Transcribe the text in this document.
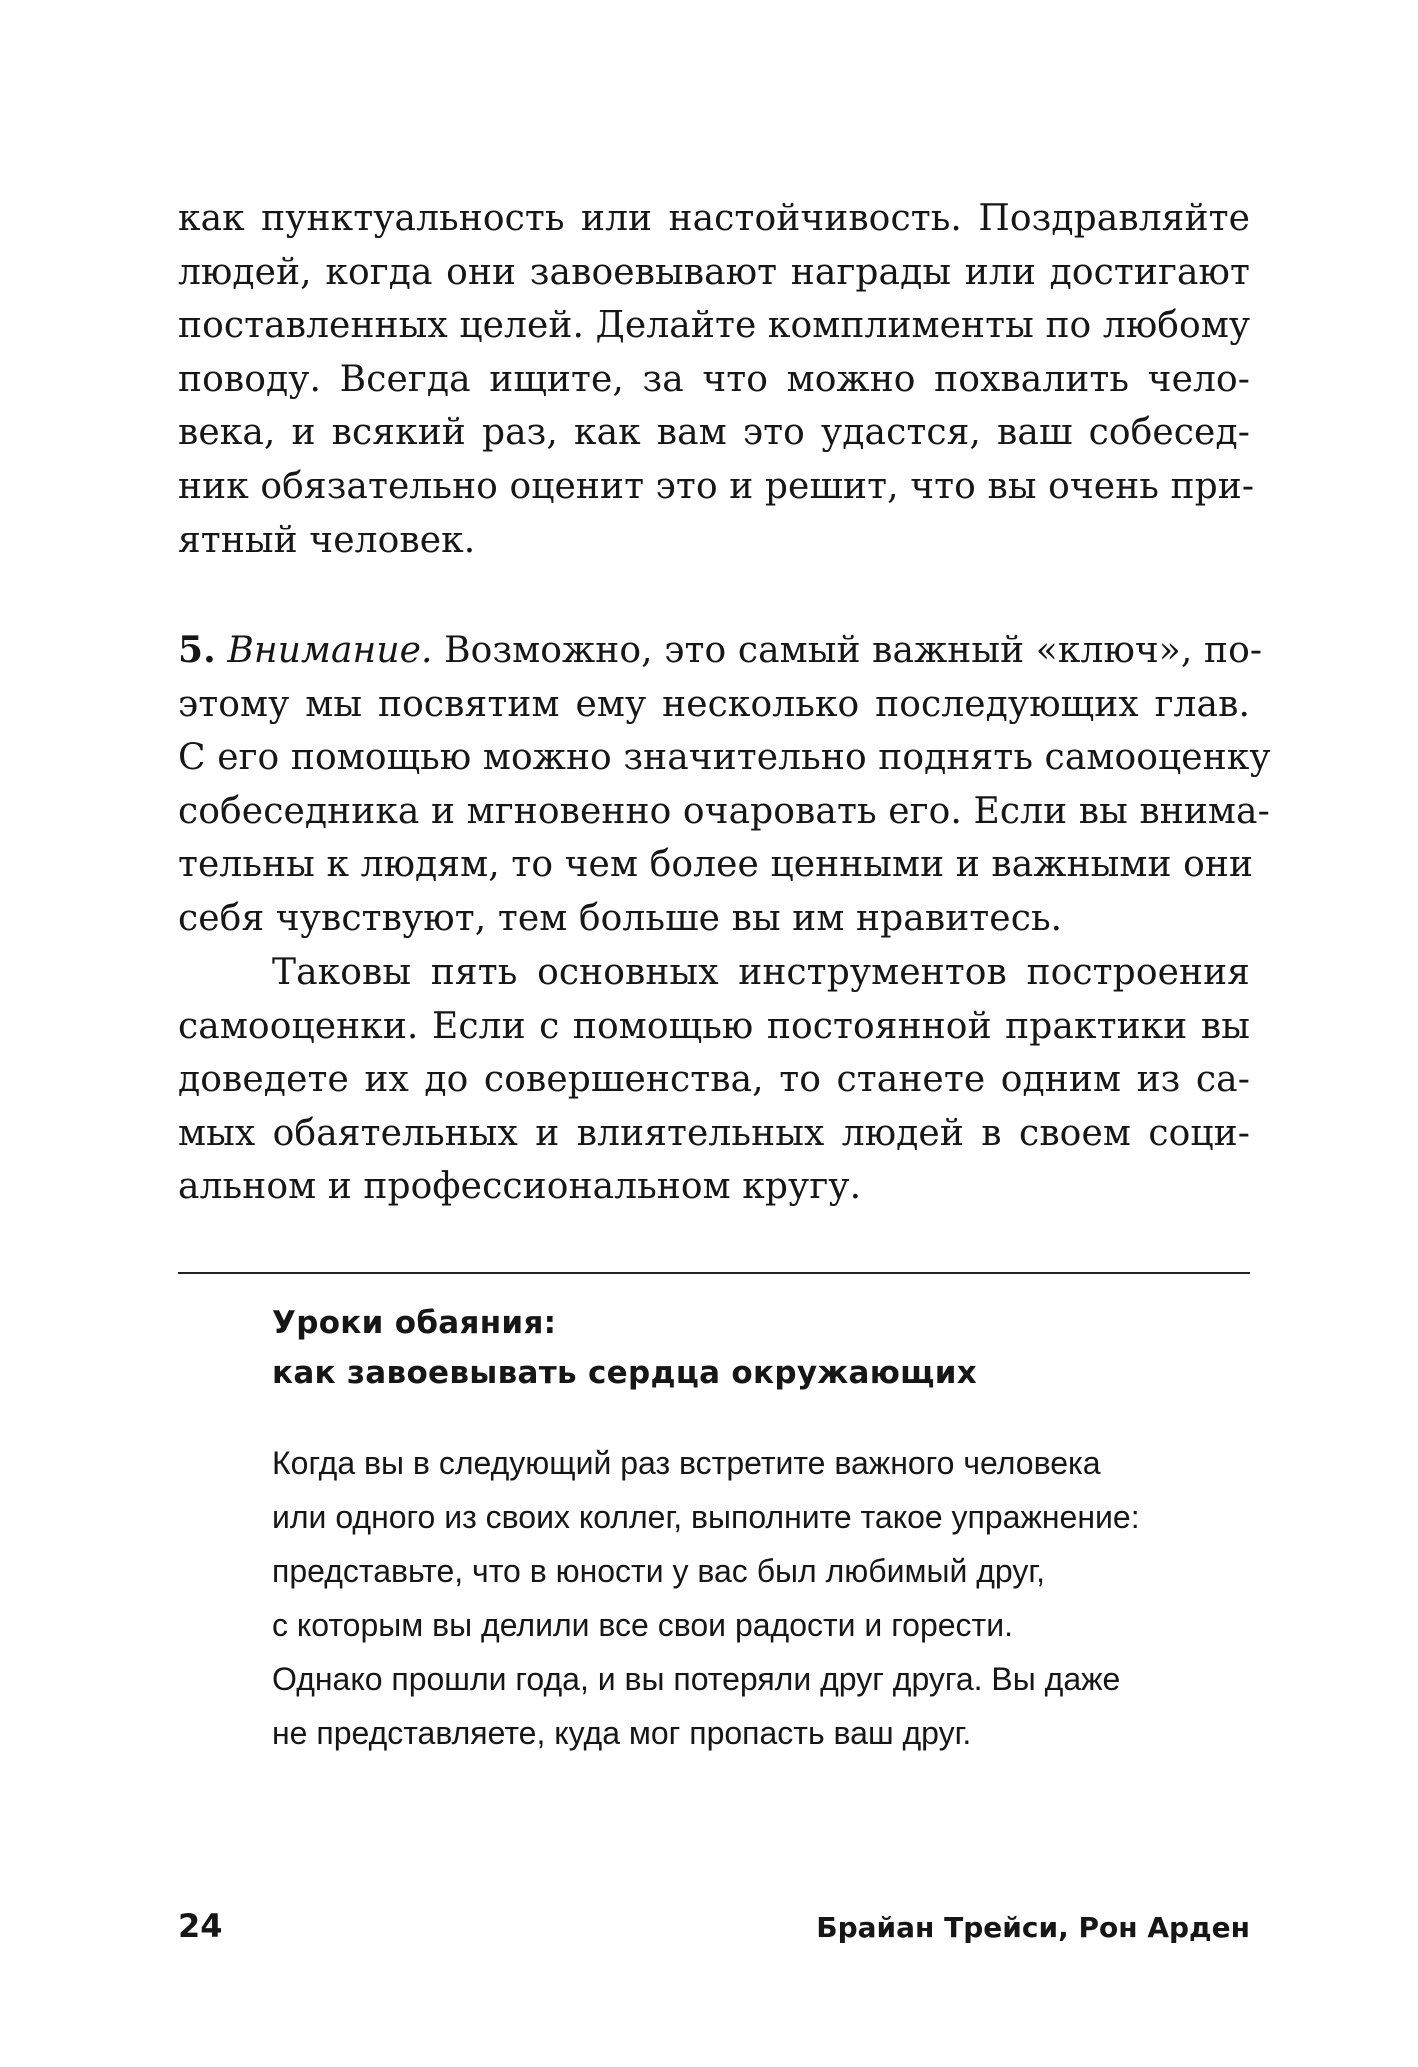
как пунктуальность или настойчивость. Поздравляйте
людей, когда они завоевывают награды или достигают
поставленных целей. Делайте комплименты по любому
поводу. Всегда ищите, за что можно похвалить чело-
века, и всякий раз, как вам это удастся, ваш собесед-
ник обязательно оценит это и решит, что вы очень при-
ятный человек.
5. Внимание. Возможно, это самый важный «ключ», по-
этому мы посвятим ему несколько последующих глав.
С его помощью можно значительно поднять самооценку
собеседника и мгновенно очаровать его. Если вы внима-
тельны к людям, то чем более ценными и важными они
себя чувствуют, тем больше вы им нравитесь.
Таковы пять основных инструментов построения
самооценки. Если с помощью постоянной практики вы
доведете их до совершенства, то станете одним из са-
мых обаятельных и влиятельных людей в своем соци-
альном и профессиональном кругу.
Уроки обаяния:
как завоевывать сердца окружающих
Когда вы в следующий раз встретите важного человека
или одного из своих коллег, выполните такое упражнение:
представьте, что в юности у вас был любимый друг,
с которым вы делили все свои радости и горести.
Однако прошли года, и вы потеряли друг друга. Вы даже
не представляете, куда мог пропасть ваш друг.
24	Брайан Трейси, Рон Арден
